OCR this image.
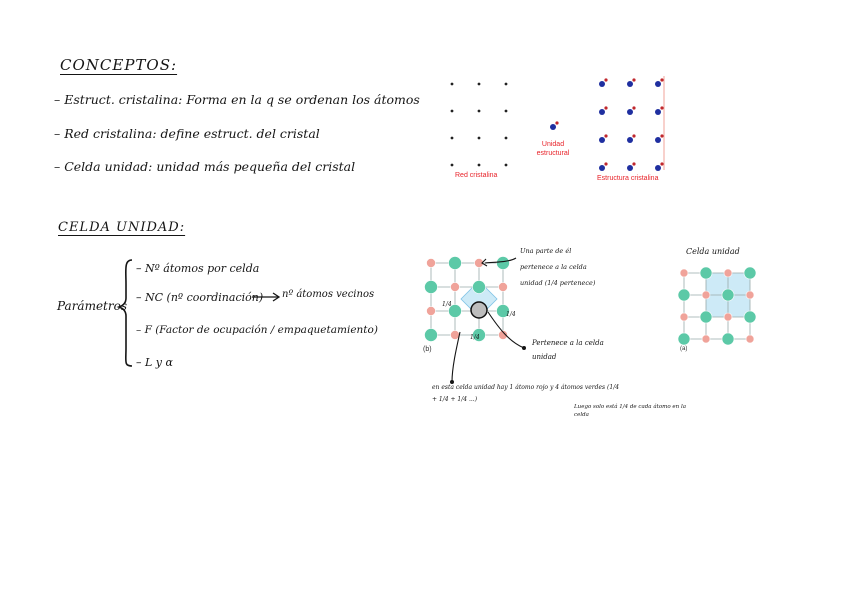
CONCEPTOS:
– Estruct. cristalina: Forma en la q se ordenan los átomos
– Red cristalina: define estruct. del cristal
– Celda unidad: unidad más pequeña del cristal
CELDA UNIDAD:
Parámetros
– Nº átomos por celda
– NC (nº coordinación) nº átomos vecinos
– F (Factor de ocupación / empaquetamiento)
– L y α
Red cristalina
Unidad estructural
Estructura cristalina
(b)
1/4
1/4
1/4
Una parte de él pertenece a la celda unidad (1/4 pertenece)
Pertenece a la celda unidad
en esta celda unidad hay 1 átomo rojo y 4 átomos verdes (1/4 + 1/4 + 1/4 ...)
Luego solo está 1/4 de cada átomo en la celda
Celda unidad
(a)
